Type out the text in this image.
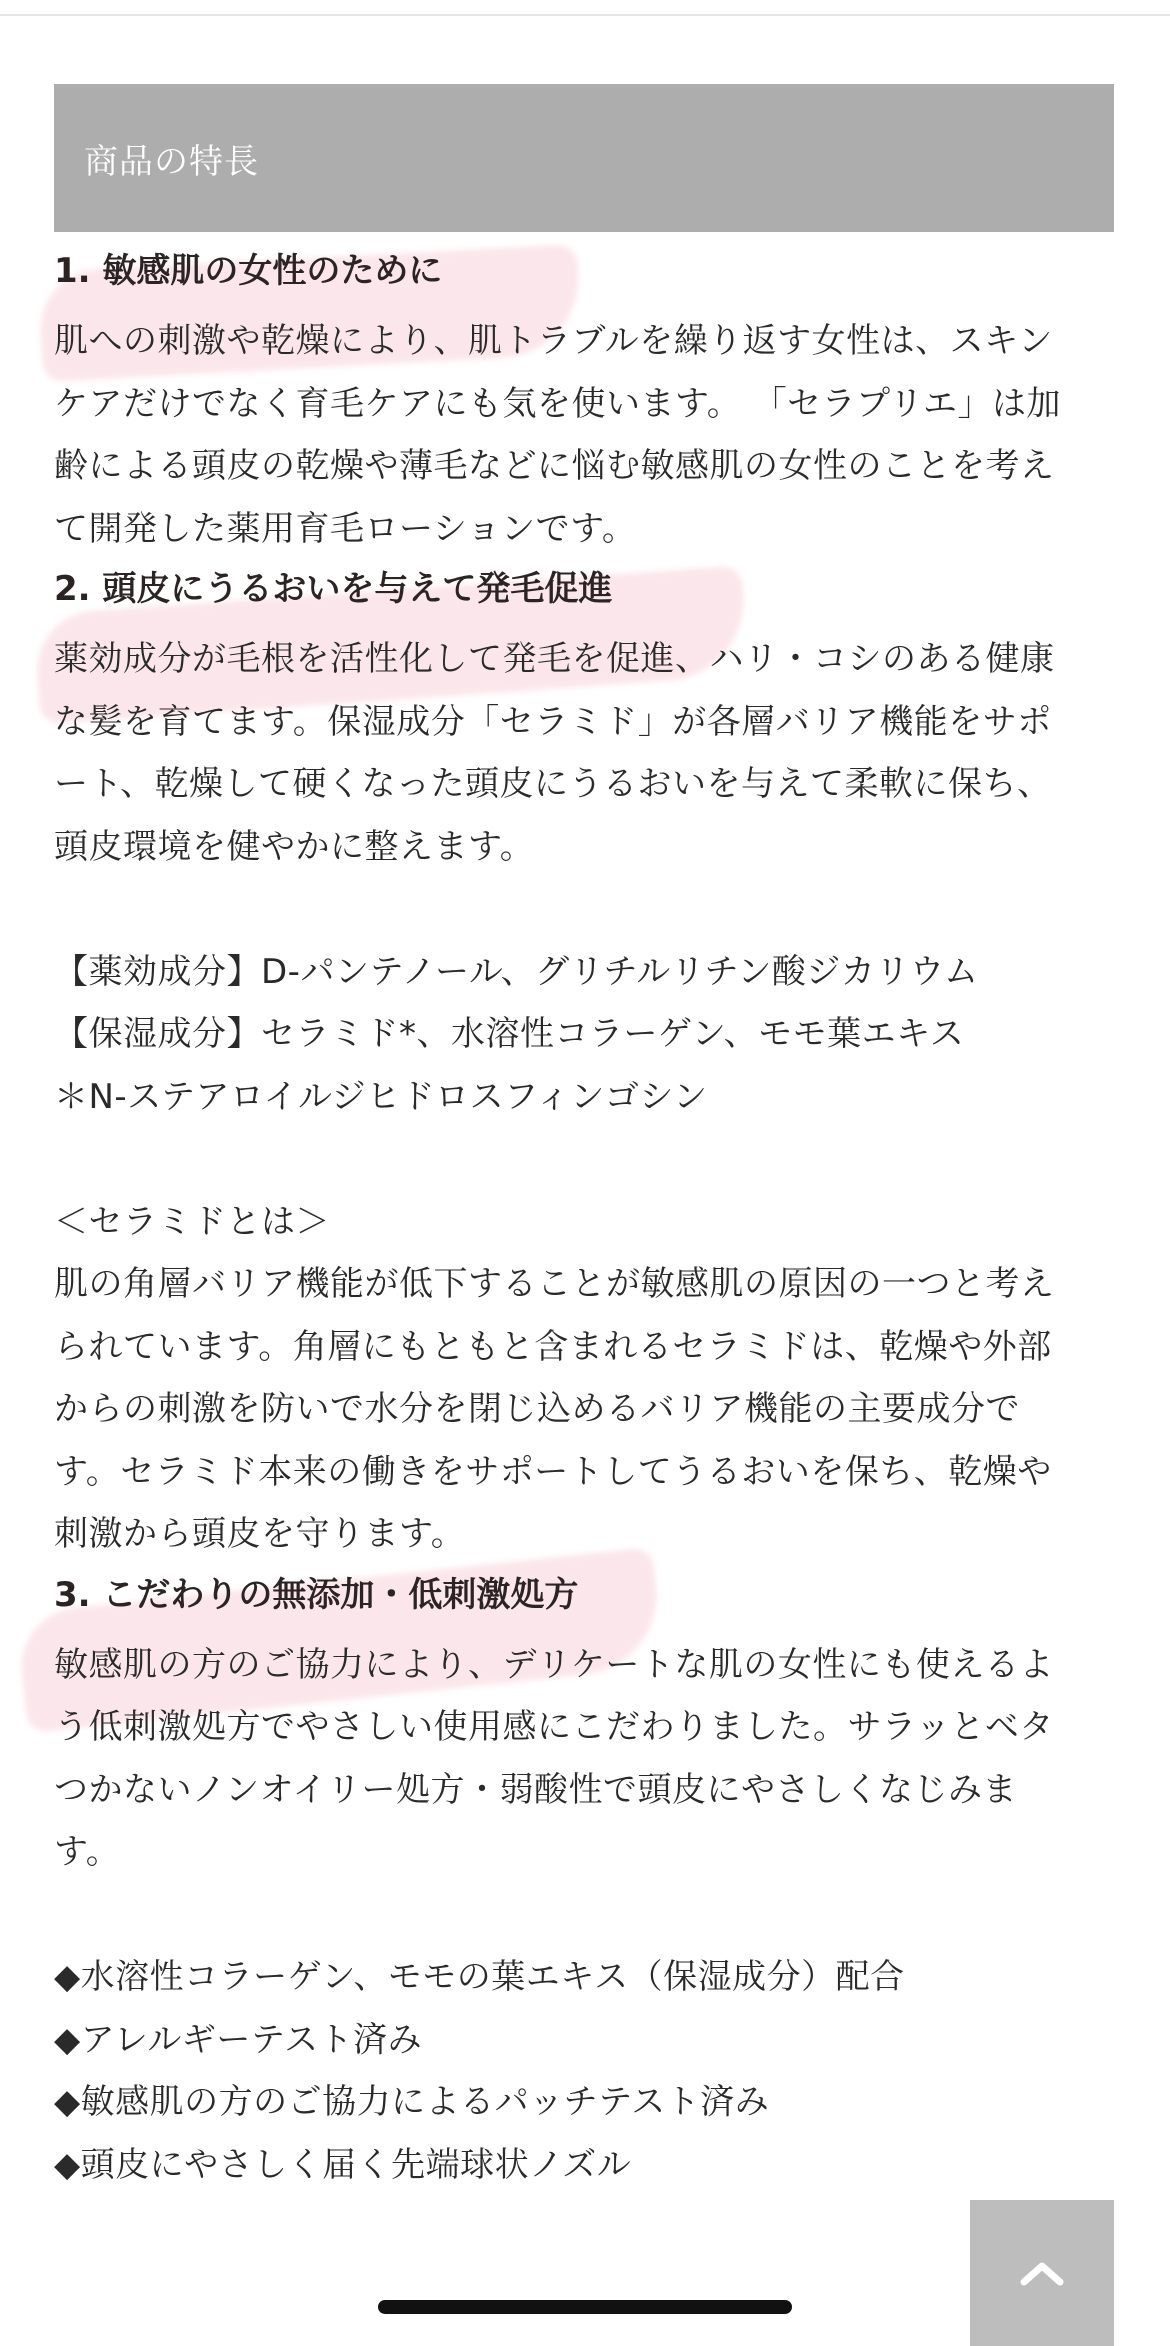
商品の特長

1. 敏感肌の女性のために

肌への刺激や乾燥により、肌トラブルを繰り返す女性は、スキン
ケアだけでなく育毛ケアにも気を使います。 「セラプリエ」は加
齢による頭皮の乾燥や薄毛などに悩む敏感肌の女性のことを考え
て開発した薬用育毛ローションです。

2. 頭皮にうるおいを与えて発毛促進

薬効成分が毛根を活性化して発毛を促進、ハリ・コシのある健康
な髪を育てます。保湿成分「セラミド」が各層バリア機能をサポ
ート、乾燥して硬くなった頭皮にうるおいを与えて柔軟に保ち、
頭皮環境を健やかに整えます。

【薬効成分】D-パンテノール、グリチルリチン酸ジカリウム
【保湿成分】セラミド*、水溶性コラーゲン、モモ葉エキス
＊N-ステアロイルジヒドロスフィンゴシン

＜セラミドとは＞
肌の角層バリア機能が低下することが敏感肌の原因の一つと考え
られています。角層にもともと含まれるセラミドは、乾燥や外部
からの刺激を防いで水分を閉じ込めるバリア機能の主要成分で
す。セラミド本来の働きをサポートしてうるおいを保ち、乾燥や
刺激から頭皮を守ります。

3. こだわりの無添加・低刺激処方

敏感肌の方のご協力により、デリケートな肌の女性にも使えるよ
う低刺激処方でやさしい使用感にこだわりました。サラッとベタ
つかないノンオイリー処方・弱酸性で頭皮にやさしくなじみま
す。

◆水溶性コラーゲン、モモの葉エキス（保湿成分）配合
◆アレルギーテスト済み
◆敏感肌の方のご協力によるパッチテスト済み
◆頭皮にやさしく届く先端球状ノズル
